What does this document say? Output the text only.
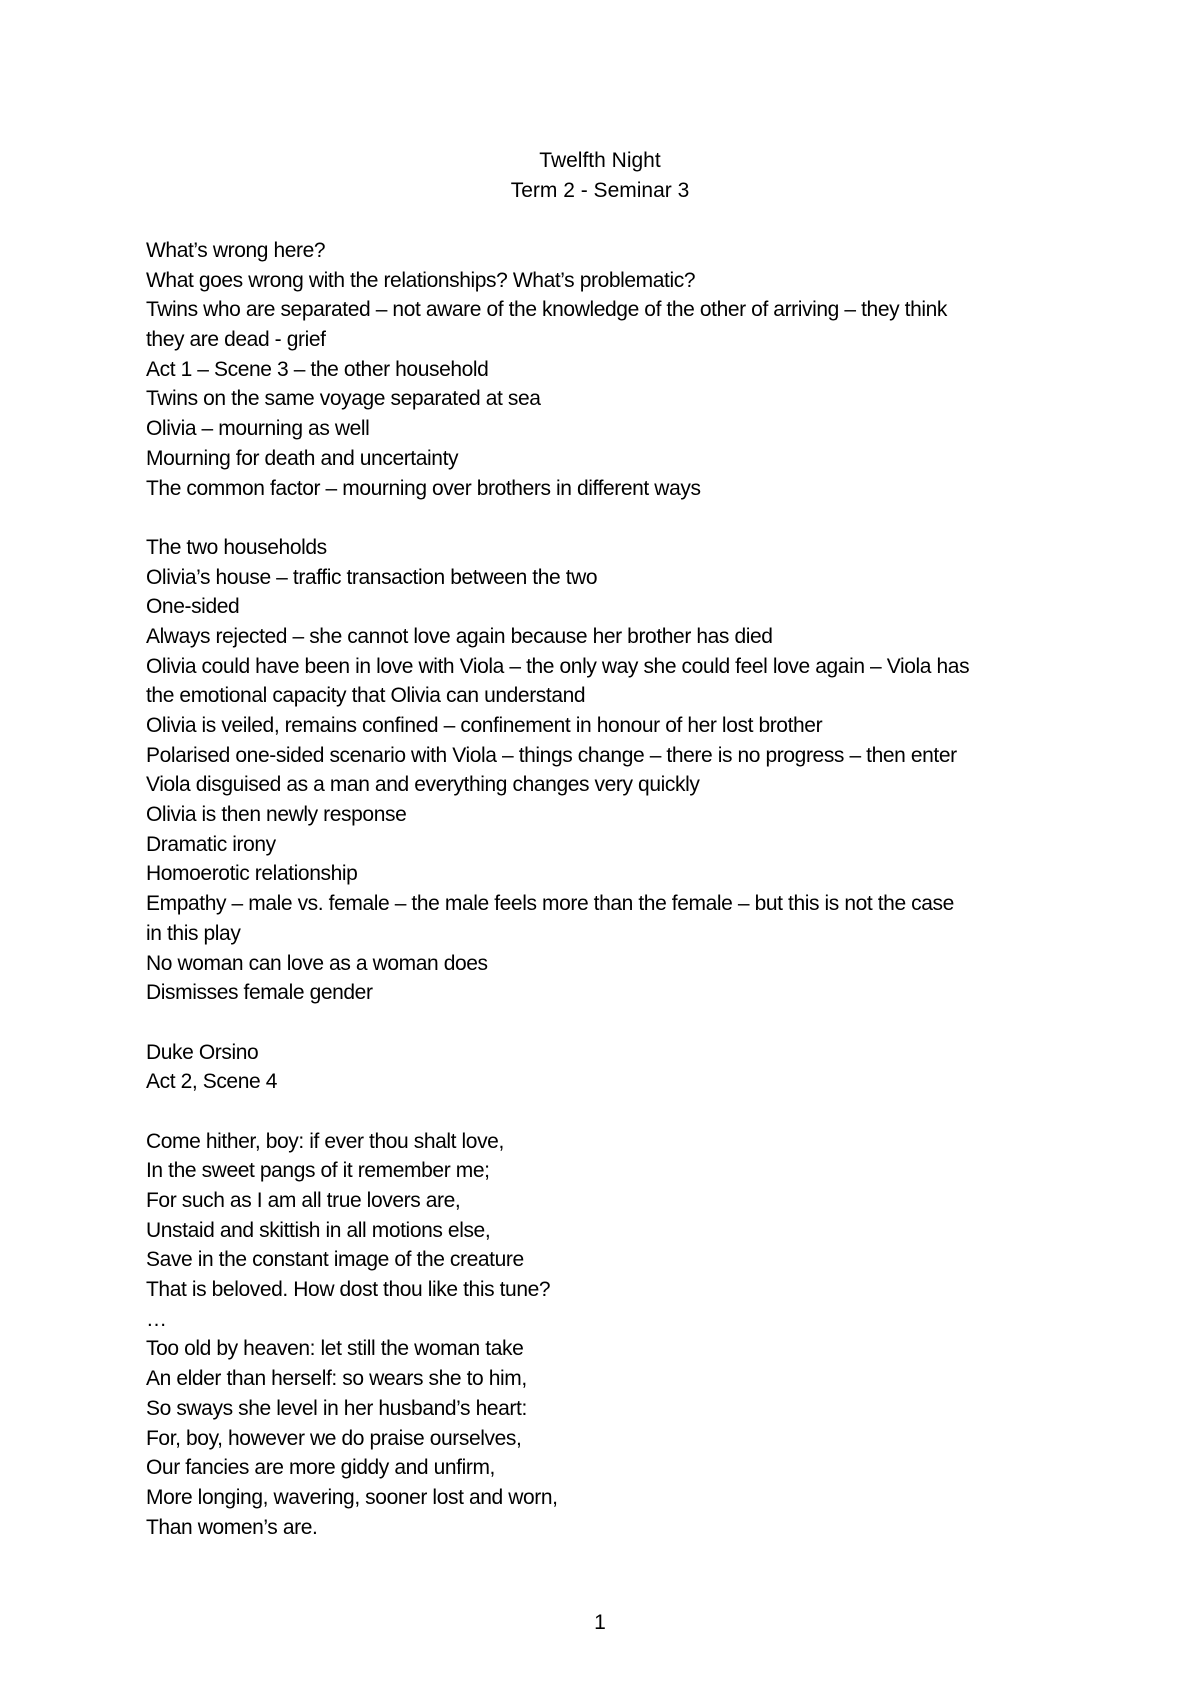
Twelfth Night
Term 2 - Seminar 3
What’s wrong here?
What goes wrong with the relationships? What’s problematic?
Twins who are separated – not aware of the knowledge of the other of arriving – they think
they are dead - grief
Act 1 – Scene 3 – the other household
Twins on the same voyage separated at sea
Olivia – mourning as well
Mourning for death and uncertainty
The common factor – mourning over brothers in different ways
The two households
Olivia’s house – traffic transaction between the two
One-sided
Always rejected – she cannot love again because her brother has died
Olivia could have been in love with Viola – the only way she could feel love again – Viola has
the emotional capacity that Olivia can understand
Olivia is veiled, remains confined – confinement in honour of her lost brother
Polarised one-sided scenario with Viola – things change – there is no progress – then enter
Viola disguised as a man and everything changes very quickly
Olivia is then newly response
Dramatic irony
Homoerotic relationship
Empathy – male vs. female – the male feels more than the female – but this is not the case
in this play
No woman can love as a woman does
Dismisses female gender
Duke Orsino
Act 2, Scene 4
Come hither, boy: if ever thou shalt love,
In the sweet pangs of it remember me;
For such as I am all true lovers are,
Unstaid and skittish in all motions else,
Save in the constant image of the creature
That is beloved. How dost thou like this tune?
…
Too old by heaven: let still the woman take
An elder than herself: so wears she to him,
So sways she level in her husband’s heart:
For, boy, however we do praise ourselves,
Our fancies are more giddy and unfirm,
More longing, wavering, sooner lost and worn,
Than women’s are.
1
